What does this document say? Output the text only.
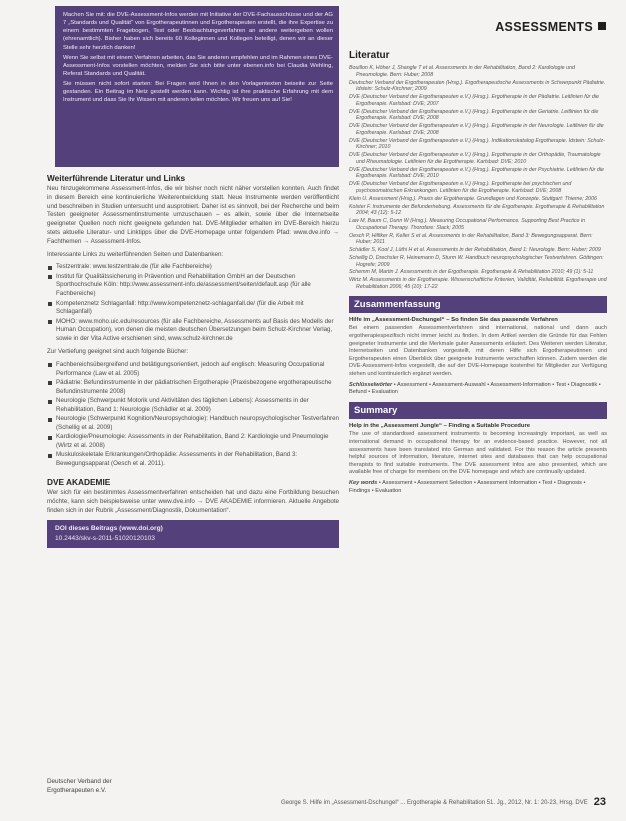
ASSESSMENTS

Machen Sie mit: die DVE-Assessment-Infos werden mit Initiative der DVE-Fachausschüsse und der AG 7 „Standards und Qualität“ von Ergotherapeutinnen und Ergotherapeuten erstellt, die ihre Expertise zu einem bestimmten Fragebogen, Test oder Beobachtungsverfahren an andere weitergeben wollen (ehrenamtlich). Bisher haben sich bereits 60 Kolleginnen und Kollegen beteiligt, denen wir an dieser Stelle sehr herzlich danken!

Wenn Sie selbst mit einem Verfahren arbeiten, das Sie anderen empfehlen und im Rahmen eines DVE-Assessment-Infos vorstellen möchten, melden Sie sich bitte unter ebenen.info bei Claudia Wehling, Referat Standards und Qualität.

Sie müssen nicht sofort starten: Bei Fragen wird Ihnen in den Vorlagentexten beiseite zur Seite gestanden. Ein Beitrag im Netz gestellt werden kann. Wichtig ist ihre praktische Erfahrung mit dem Instrument und dass Sie Ihr Wissen mit anderen teilen möchten. Wir freuen uns auf Sie!

Weiterführende Literatur und Links

Neu hinzugekommene Assessment-Infos, die wir bisher noch nicht näher vorstellen konnten. Auch findet in diesem Bereich eine kontinuierliche Weiterentwicklung statt. Neue Instrumente werden veröffentlicht und beschreiben in Studien untersucht und ausprobiert. Daher ist es sinnvoll, bei der Recherche und beim Testen geeigneter Assessmentinstrumente umzuschauen – es allein, sowie über die Internetseite geeigneter Quellen noch nicht geeignete gefunden hat. DVE-Mitglieder erhalten im DVE-Bereich hierzu stets aktuelle Literatur- und Linktipps über die DVE-Homepage unter folgendem Pfad: www.dve.info → Fachthemen → Assessment-Infos.

Interessante Links zu weiterführenden Seiten und Datenbanken:

Testzentrale: www.testzentrale.de (für alle Fachbereiche)
Institut für Qualitätssicherung in Prävention und Rehabilitation GmbH an der Deutschen Sporthochschule Köln: http://www.assessment-info.de/assessment/seiten/default.asp (für alle Fachbereiche)
Kompetenznetz Schlaganfall: http://www.kompetenznetz-schlaganfall.de/ (für die Arbeit mit Schlaganfall)
MOHO: www.moho.uic.edu/resources (für alle Fachbereiche, Assessments auf Basis des Modells der Human Occupation), von denen die meisten deutschen Übersetzungen beim Schulz-Kirchner Verlag, sowie in der Vita Active erschienen sind, www.schulz-kirchner.de

Zur Vertiefung geeignet sind auch folgende Bücher:

Fachbereichsübergreifend und betätigungsorientiert, jedoch auf englisch: Measuring Occupational Performance (Law et al. 2005)
Pädiatrie: Befundinstrumente in der pädiatrischen Ergotherapie (Praxisbezogene ergotherapeutische Befundinstrumente 2008)
Neurologie (Schwerpunkt Motorik und Aktivitäten des täglichen Lebens): Assessments in der Rehabilitation, Band 1: Neurologie (Schädler et al. 2009)
Neurologie (Schwerpunkt Kognition/Neuropsychologie): Handbuch neuropsychologischer Testverfahren (Schellig et al. 2009)
Kardiologie/Pneumologie: Assessments in der Rehabilitation, Band 2: Kardiologie und Pneumologie (Wirtz et al. 2008)
Muskuloskeletale Erkrankungen/Orthopädie: Assessments in der Rehabilitation, Band 3: Bewegungsapparat (Oesch et al. 2011).
DVE AKADEMIE

Wer sich für ein bestimmtes Assessmentverfahren entscheiden hat und dazu eine Fortbildung besuchen möchte, kann sich beispielsweise unter www.dve.info → DVE AKADEMIE informieren. Aktuelle Angebote finden sich in der Rubrik „Assessment/Diagnostik, Dokumentation“.

DOI dieses Beitrags (www.doi.org)
10.2443/skv-s-2011-51020120103
Literatur
Bouillon K, Höher J, Shangle T et al. Assessments in der Rehabilitation, Band 2: Kardiologie und Pneumologie. Bern: Huber; 2008
Deutscher Verband der Ergotherapeuten (Hrsg.). Ergotherapeutische Assessments in Schwerpunkt Pädiatrie. Idstein: Schulz-Kirchner; 2009
DVE (Deutscher Verband der Ergotherapeuten e.V.) (Hrsg.). Ergotherapie in der Pädiatrie. Leitlinien für die Ergotherapie. Karlsbad: DVE; 2007
DVE (Deutscher Verband der Ergotherapeuten e.V.) (Hrsg.). Ergotherapie in der Geriatrie. Leitlinien für die Ergotherapie. Karlsbad: DVE; 2008
DVE (Deutscher Verband der Ergotherapeuten e.V.) (Hrsg.). Ergotherapie in der Neurologie. Leitlinien für die Ergotherapie. Karlsbad: DVE; 2008
DVE (Deutscher Verband der Ergotherapeuten e.V.) (Hrsg.). Indikationskatalog Ergotherapie. Idstein: Schulz-Kirchner; 2010
DVE (Deutscher Verband der Ergotherapeuten e.V.) (Hrsg.). Ergotherapie in der Orthopädie, Traumatologie und Rheumatologie. Leitlinien für die Ergotherapie. Karlsbad: DVE; 2010
DVE (Deutscher Verband der Ergotherapeuten e.V.) (Hrsg.). Ergotherapie in der Psychiatrie. Leitlinien für die Ergotherapie. Karlsbad: DVE; 2010
DVE (Deutscher Verband der Ergotherapeuten e.V.) (Hrsg.). Ergotherapie bei psychischen und psychosomatischen Erkrankungen. Leitlinien für die Ergotherapie. Karlsbad: DVE; 2008
Klein U. Assessment (Hrsg.). Praxis der Ergotherapie. Grundlagen und Konzepte. Stuttgart: Thieme; 2006
Kolster F. Instrumente der Befunderhebung. Assessments für die Ergotherapie. Ergotherapie & Rehabilitation 2004; 43 (12): 5-12
Law M, Baum C, Dunn W (Hrsg.). Measuring Occupational Performance. Supporting Best Practice in Occupational Therapy. Thorofare: Slack; 2005
Oesch P, Hilfiker R, Keller S et al. Assessments in der Rehabilitation, Band 3: Bewegungsapparat. Bern: Huber; 2011
Schädler S, Kool J, Lüthi H et al. Assessments in der Rehabilitation, Band 1: Neurologie. Bern: Huber; 2009
Schellig D, Drechsler R, Heinemann D, Sturm W. Handbuch neuropsychologischer Testverfahren. Göttingen: Hogrefe; 2009
Schemm M, Martin J. Assessments in der Ergotherapie. Ergotherapie & Rehabilitation 2010; 49 (1): 5-11
Wirtz M. Assessments in der Ergotherapie. Wissenschaftliche Kriterien, Validität, Reliabilität. Ergotherapie und Rehabilitation 2006; 45 (10): 17-22
Zusammenfassung

Hilfe im „Assessment-Dschungel“ – So finden Sie das passende Verfahren

Bei einem passenden Assessmentverfahren sind international, national und dann auch ergotherapiespezifisch nicht immer leicht zu finden. In dem Artikel werden die Gründe für das Fehlen geeigneter Instrumente und die Merkmale guter Assessments erläutert. Des Weiteren werden Literatur, Internetseiten und Datenbanken vorgestellt, mit deren Hilfe sich Ergotherapeutinnen und Ergotherapeuten einen Überblick über geeignete Instrumente verschaffen können. Zudem werden die DVE-Assessment-Infos vorgestellt, die auf der DVE-Homepage kostenfrei für Mitglieder zur Verfügung stehen und kontinuierlich ergänzt werden.

Schlüsselwörter • Assessment • Assessment-Auswahl • Assessment-Information • Test • Diagnostik • Befund • Evaluation

Summary

Help in the „Assessment Jungle“ – Finding a Suitable Procedure

The use of standardised assessment instruments is becoming increasingly important, as well as international demand in occupational therapy for an evidence-based practice. However, not all assessments have been translated into German and validated. For this reason the article presents helpful sources of information, literature, internet sites and databases that can help occupational therapists to find suitable instruments. The DVE assessment infos are also presented, which are available free of charge for members on the DVE homepage and which are continually updated.

Key words • Assessment • Assessment Selection • Assessment Information • Test • Diagnosis • Findings • Evaluation

Deutscher Verband der
Ergotherapeuten e.V.
George S. Hilfe im „Assessment-Dschungel“ ... Ergotherapie & Rehabilitation 51. Jg., 2012, Nr. 1: 20-23, Hrsg. DVE 23
